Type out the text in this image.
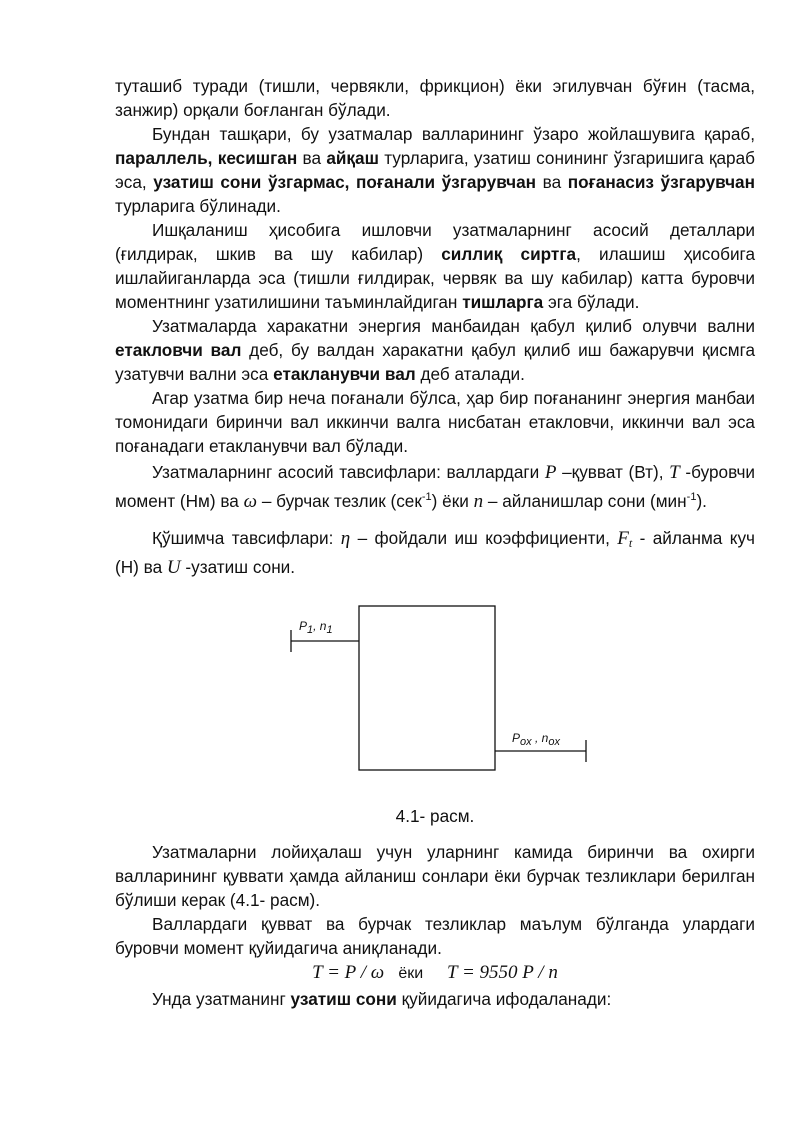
туташиб туради (тишли, червякли, фрикцион) ёки эгилувчан бўғин (тасма, занжир) орқали боғланган бўлади.

Бундан ташқари, бу узатмалар валларининг ўзаро жойлашувига қараб, параллель, кесишган ва айқаш турларига, узатиш сонининг ўзгаришига қараб эса, узатиш сони ўзгармас, поғанали ўзгарувчан ва поғанасиз ўзгарувчан турларига бўлинади.

Ишқаланиш ҳисобига ишловчи узатмаларнинг асосий деталлари (ғилдирак, шкив ва шу кабилар) силлиқ сиртга, илашиш ҳисобига ишлайиганларда эса (тишли ғилдирак, червяк ва шу кабилар) катта буровчи моментнинг узатилишини таъминлайдиган тишларга эга бўлади.

Узатмаларда харакатни энергия манбаидан қабул қилиб олувчи вални етакловчи вал деб, бу валдан харакатни қабул қилиб иш бажарувчи қисмга узатувчи вални эса етакланувчи вал деб аталади.

Агар узатма бир неча поғанали бўлса, ҳар бир поғананинг энергия манбаи томонидаги биринчи вал иккинчи валга нисбатан етакловчи, иккинчи вал эса поғанадаги етакланувчи вал бўлади.

Узатмаларнинг асосий тавсифлари: валлардаги P –қувват (Вт), T -буровчи момент (Нм) ва ω – бурчак тезлик (сек$^{-1}$) ёки n – айланишлар сони (мин$^{-1}$).

Қўшимча тавсифлари: η – фойдали иш коэффициенти, $F_t$ - айланма куч (Н) ва U -узатиш сони.

$P_1$, $n_1$
$P_{ox}$ , $n_{ox}$
4.1- расм.

Узатмаларни лойиҳалаш учун уларнинг камида биринчи ва охирги валларининг қуввати ҳамда айланиш сонлари ёки бурчак тезликлари берилган бўлиши керак (4.1- расм).

Валлардаги қувват ва бурчак тезликлар маълум бўлганда улардаги буровчи момент қуйидагича аниқланади.

T = P / ω ёки T = 9550 P / n

Унда узатманинг узатиш сони қуйидагича ифодаланади:
